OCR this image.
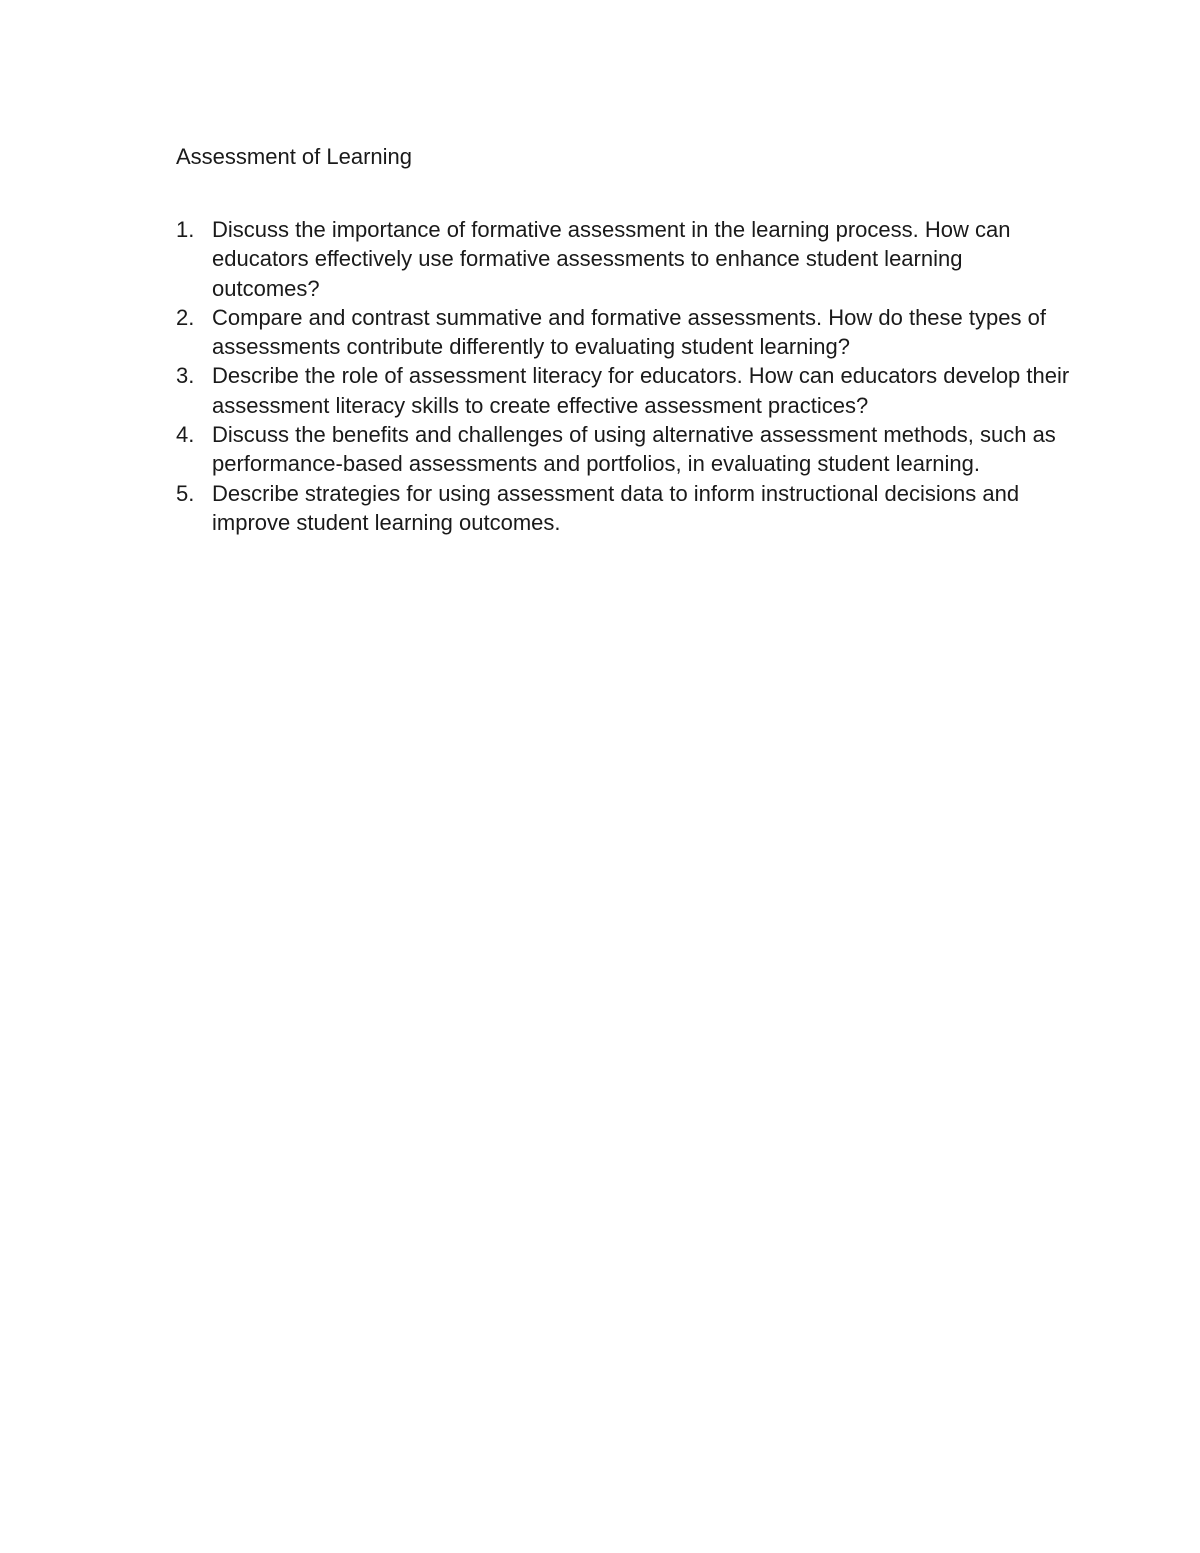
Assessment of Learning
1. Discuss the importance of formative assessment in the learning process. How can educators effectively use formative assessments to enhance student learning outcomes?
2. Compare and contrast summative and formative assessments. How do these types of assessments contribute differently to evaluating student learning?
3. Describe the role of assessment literacy for educators. How can educators develop their assessment literacy skills to create effective assessment practices?
4. Discuss the benefits and challenges of using alternative assessment methods, such as performance-based assessments and portfolios, in evaluating student learning.
5. Describe strategies for using assessment data to inform instructional decisions and improve student learning outcomes.
